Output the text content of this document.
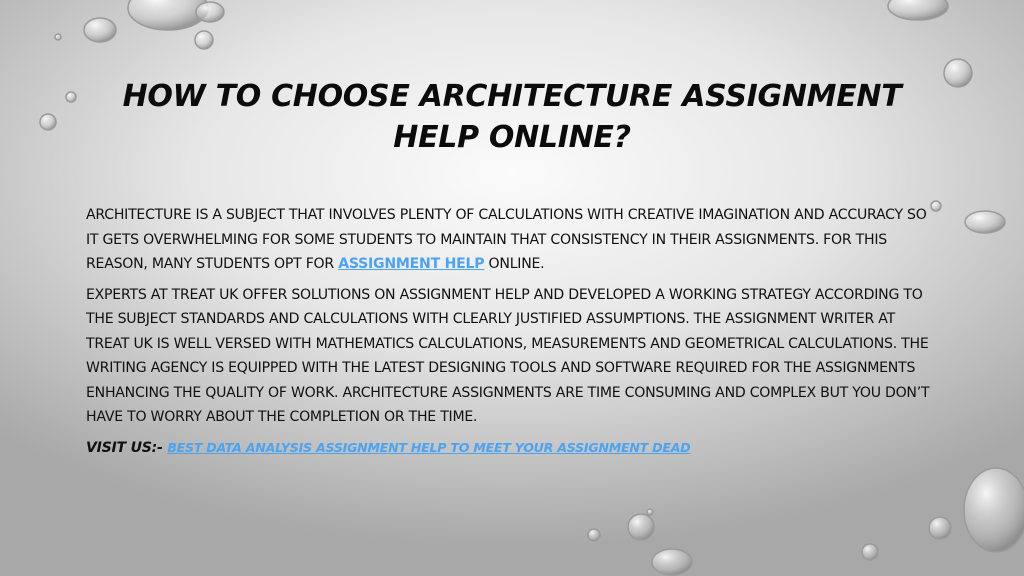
HOW TO CHOOSE ARCHITECTURE ASSIGNMENT HELP ONLINE?

ARCHITECTURE IS A SUBJECT THAT INVOLVES PLENTY OF CALCULATIONS WITH CREATIVE IMAGINATION AND ACCURACY SO IT GETS OVERWHELMING FOR SOME STUDENTS TO MAINTAIN THAT CONSISTENCY IN THEIR ASSIGNMENTS. FOR THIS REASON, MANY STUDENTS OPT FOR ASSIGNMENT HELP ONLINE.

EXPERTS AT TREAT UK OFFER SOLUTIONS ON ASSIGNMENT HELP AND DEVELOPED A WORKING STRATEGY ACCORDING TO THE SUBJECT STANDARDS AND CALCULATIONS WITH CLEARLY JUSTIFIED ASSUMPTIONS. THE ASSIGNMENT WRITER AT TREAT UK IS WELL VERSED WITH MATHEMATICS CALCULATIONS, MEASUREMENTS AND GEOMETRICAL CALCULATIONS. THE WRITING AGENCY IS EQUIPPED WITH THE LATEST DESIGNING TOOLS AND SOFTWARE REQUIRED FOR THE ASSIGNMENTS ENHANCING THE QUALITY OF WORK. ARCHITECTURE ASSIGNMENTS ARE TIME CONSUMING AND COMPLEX BUT YOU DON’T HAVE TO WORRY ABOUT THE COMPLETION OR THE TIME.

VISIT US:- BEST DATA ANALYSIS ASSIGNMENT HELP TO MEET YOUR ASSIGNMENT DEAD
